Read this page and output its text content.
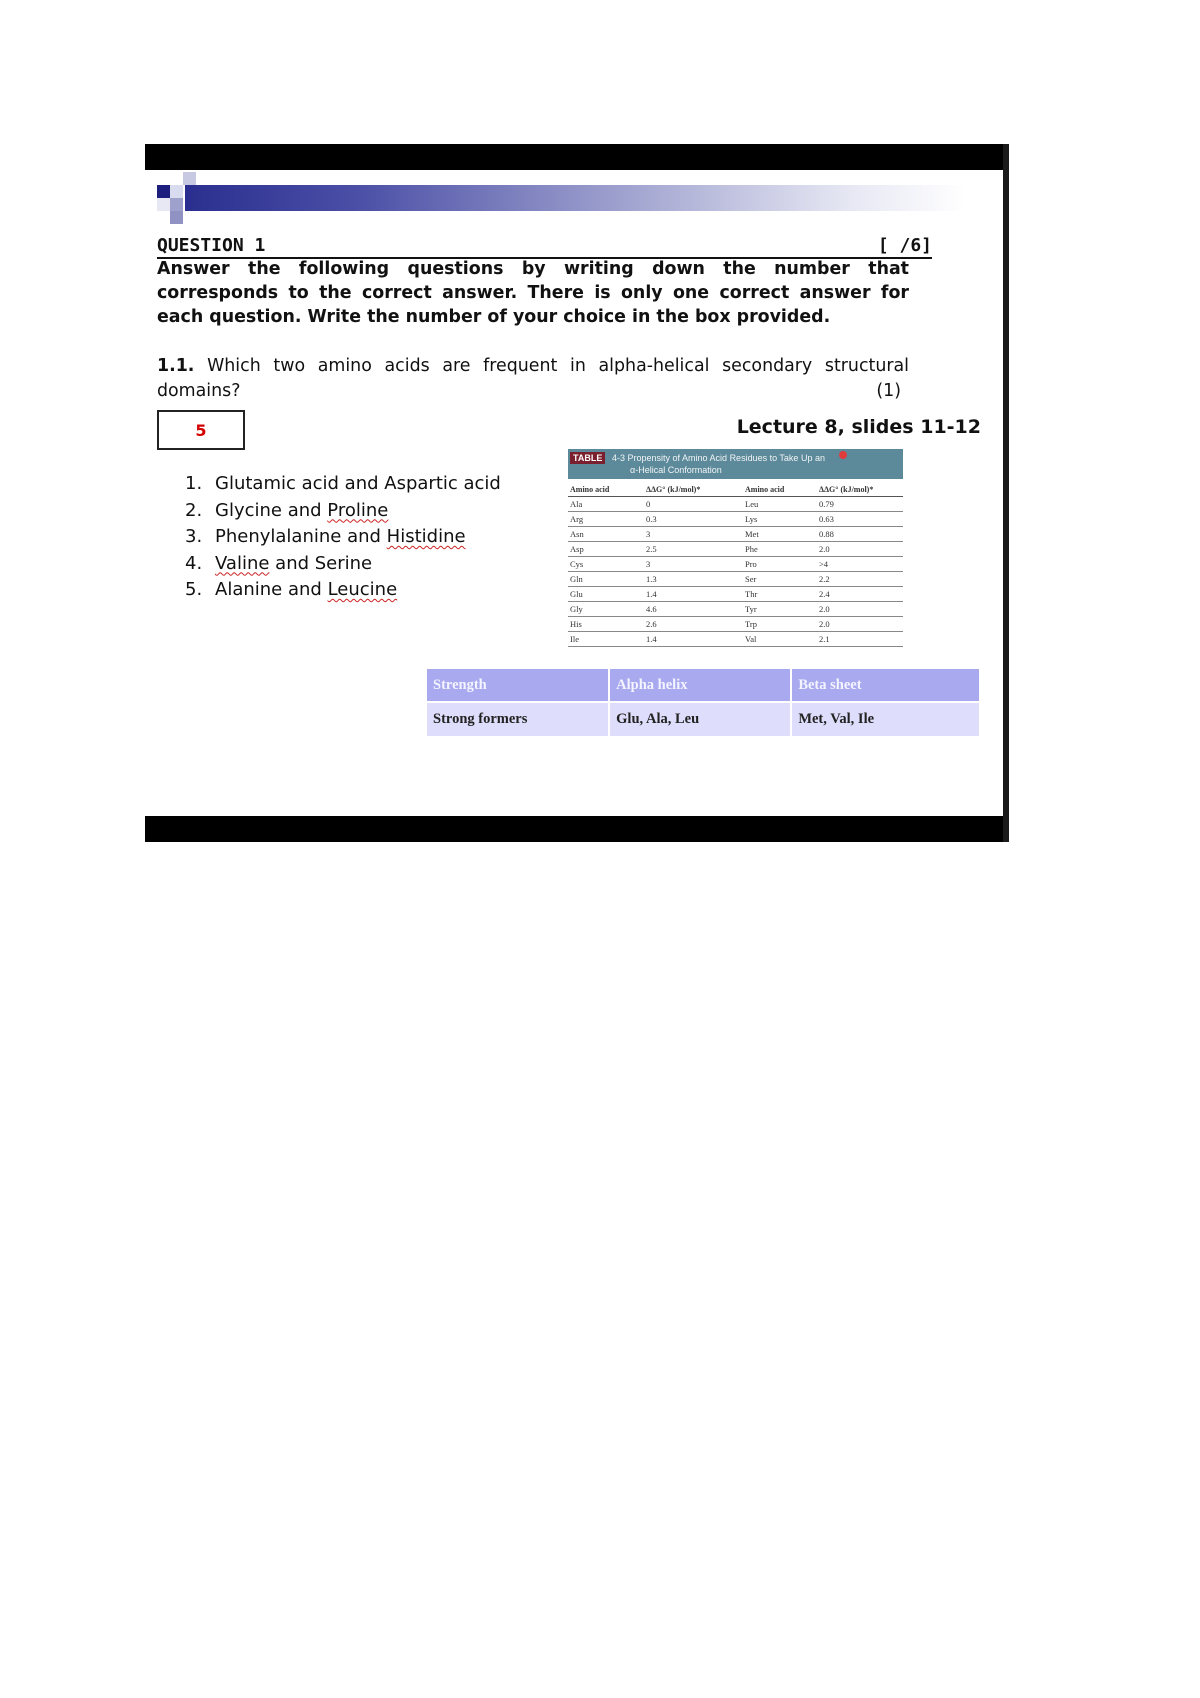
QUESTION 1	[ /6]
Answer the following questions by writing down the number that corresponds to the correct answer. There is only one correct answer for each question. Write the number of your choice in the box provided.
1.1. Which two amino acids are frequent in alpha-helical secondary structural domains?	(1)
5	Lecture 8, slides 11-12
1. Glutamic acid and Aspartic acid
2. Glycine and Proline
3. Phenylalanine and Histidine
4. Valine and Serine
5. Alanine and Leucine
TABLE	4-3 Propensity of Amino Acid Residues to Take Up an
α-Helical Conformation
Amino acid	ΔΔG° (kJ/mol)*	Amino acid	ΔΔG° (kJ/mol)*
Ala	0	Leu	0.79
Arg	0.3	Lys	0.63
Asn	3	Met	0.88
Asp	2.5	Phe	2.0
Cys	3	Pro	>4
Gln	1.3	Ser	2.2
Glu	1.4	Thr	2.4
Gly	4.6	Tyr	2.0
His	2.6	Trp	2.0
Ile	1.4	Val	2.1
Strength	Alpha helix	Beta sheet
Strong formers	Glu, Ala, Leu	Met, Val, Ile
